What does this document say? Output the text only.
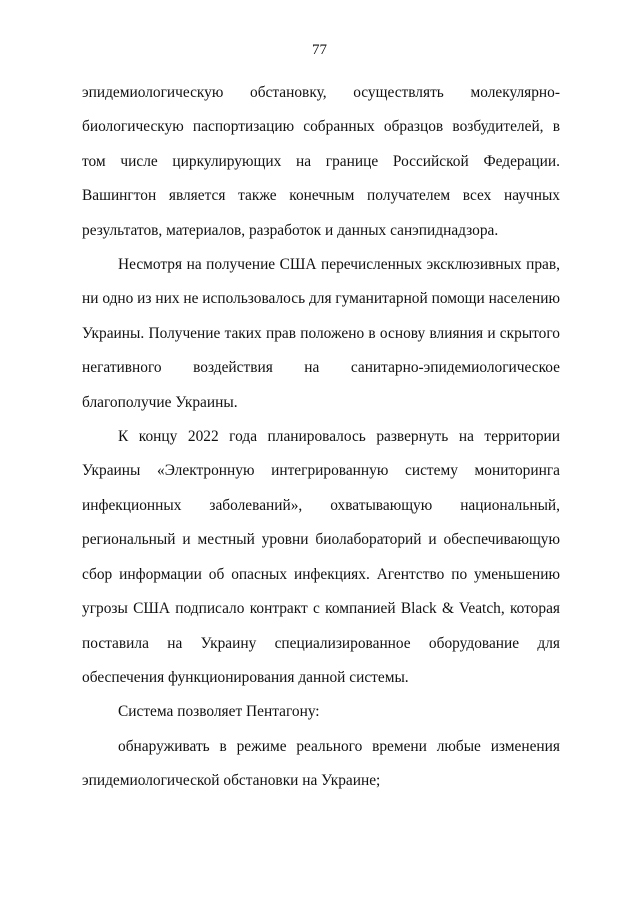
77

эпидемиологическую обстановку, осуществлять молекулярно-биологическую паспортизацию собранных образцов возбудителей, в том числе циркулирующих на границе Российской Федерации. Вашингтон является также конечным получателем всех научных результатов, материалов, разработок и данных санэпиднадзора.

Несмотря на получение США перечисленных эксклюзивных прав, ни одно из них не использовалось для гуманитарной помощи населению Украины. Получение таких прав положено в основу влияния и скрытого негативного воздействия на санитарно-эпидемиологическое благополучие Украины.

К концу 2022 года планировалось развернуть на территории Украины «Электронную интегрированную систему мониторинга инфекционных заболеваний», охватывающую национальный, региональный и местный уровни биолабораторий и обеспечивающую сбор информации об опасных инфекциях. Агентство по уменьшению угрозы США подписало контракт с компанией Black & Veatch, которая поставила на Украину специализированное оборудование для обеспечения функционирования данной системы.

Система позволяет Пентагону:

обнаруживать в режиме реального времени любые изменения эпидемиологической обстановки на Украине;
